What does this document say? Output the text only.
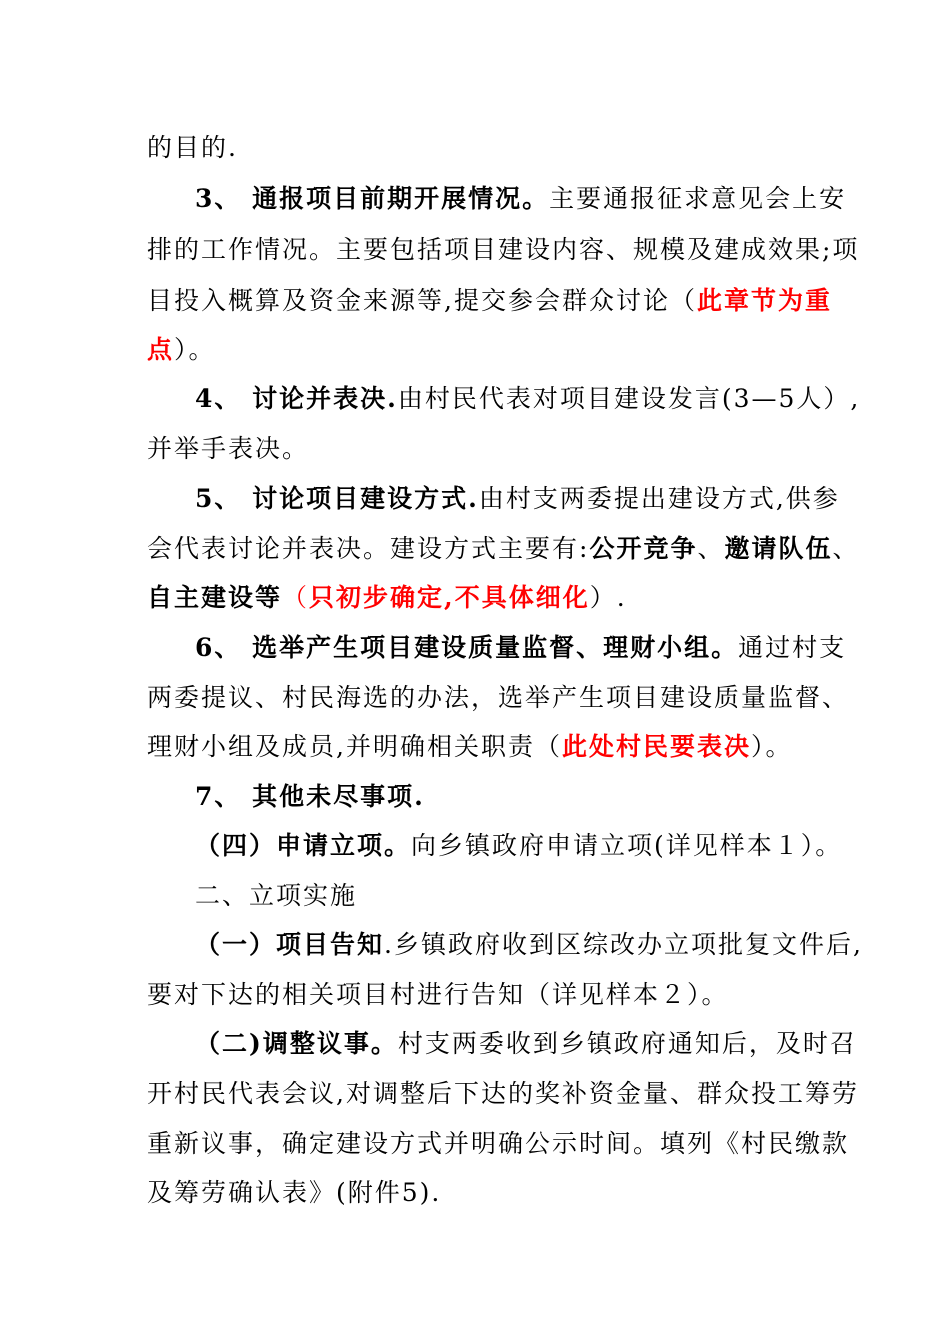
的目的.
3、 通报项目前期开展情况。主要通报征求意见会上安
排的工作情况。主要包括项目建设内容、规模及建成效果;项
目投入概算及资金来源等,提交参会群众讨论（此章节为重
点）。
4、 讨论并表决.由村民代表对项目建设发言(3—5人）,
并举手表决。
5、 讨论项目建设方式.由村支两委提出建设方式,供参
会代表讨论并表决。建设方式主要有:公开竞争、邀请队伍、
自主建设等（只初步确定,不具体细化）.
6、 选举产生项目建设质量监督、理财小组。通过村支
两委提议、村民海选的办法，选举产生项目建设质量监督、
理财小组及成员,并明确相关职责（此处村民要表决）。
7、 其他未尽事项.
（四）申请立项。向乡镇政府申请立项(详见样本１）。
二、立项实施
（一）项目告知.乡镇政府收到区综改办立项批复文件后,
要对下达的相关项目村进行告知（详见样本２）。
（二)调整议事。村支两委收到乡镇政府通知后，及时召
开村民代表会议,对调整后下达的奖补资金量、群众投工筹劳
重新议事，确定建设方式并明确公示时间。填列《村民缴款
及筹劳确认表》(附件5).
